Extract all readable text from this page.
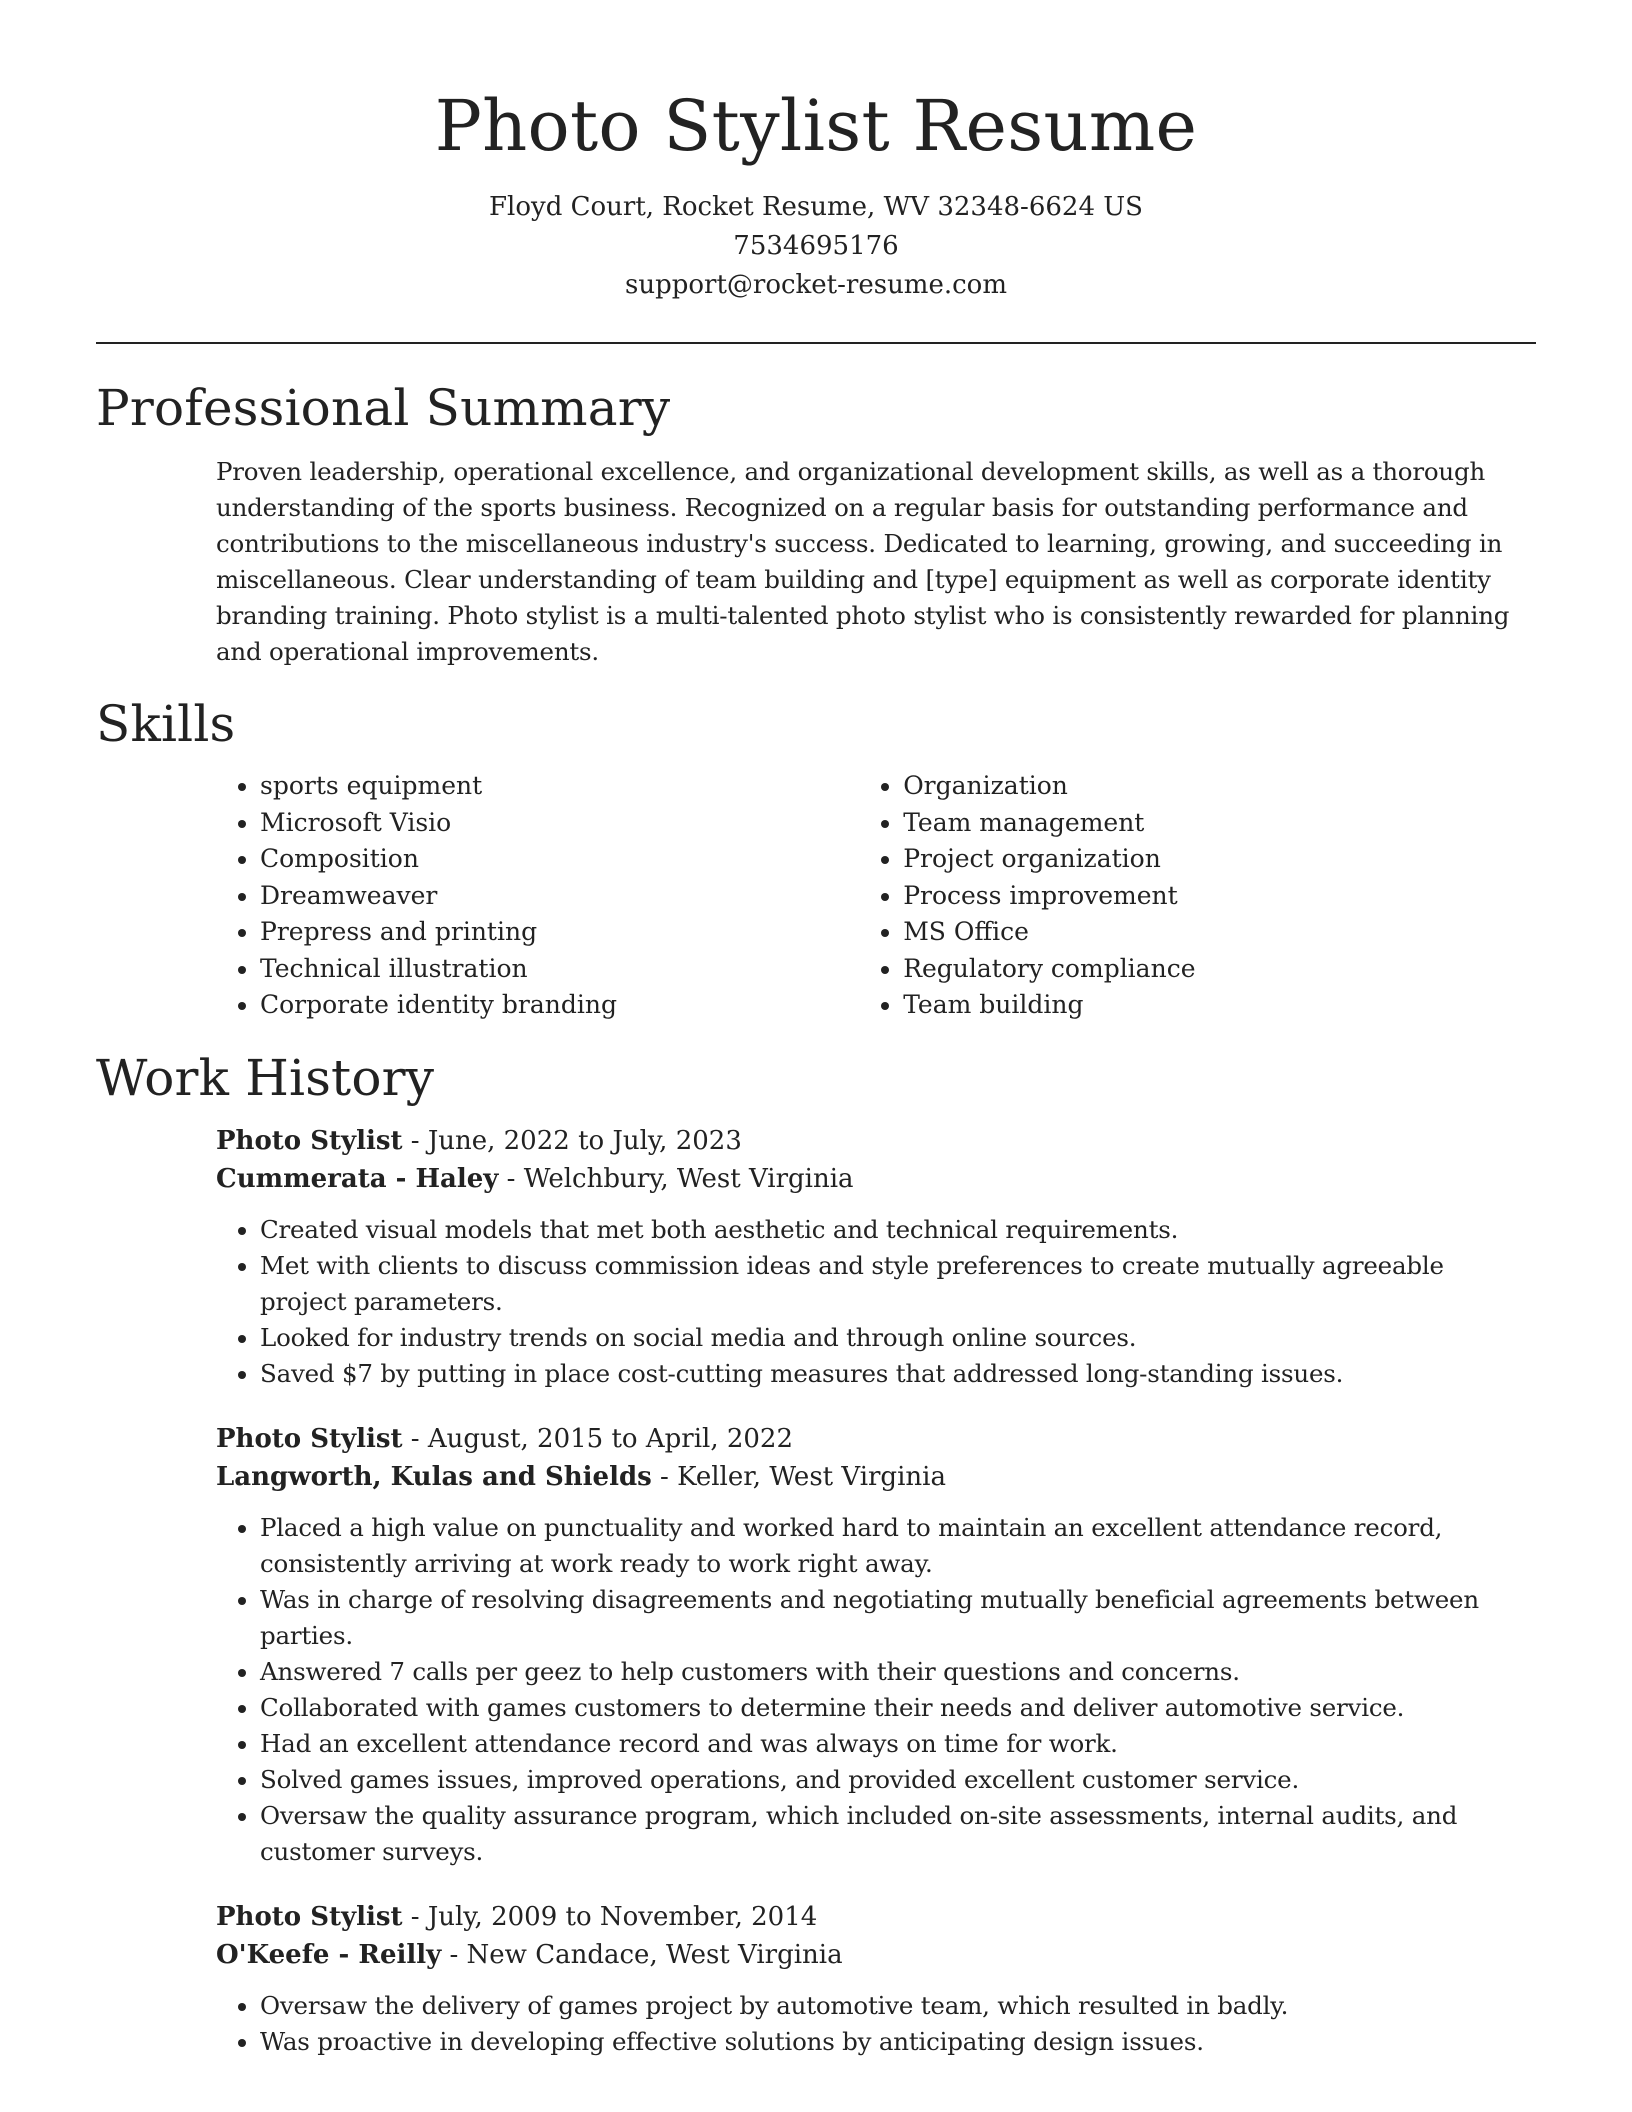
Photo Stylist Resume
Floyd Court, Rocket Resume, WV 32348-6624 US
7534695176
support@rocket-resume.com
Professional Summary

Proven leadership, operational excellence, and organizational development skills, as well as a thorough understanding of the sports business. Recognized on a regular basis for outstanding performance and contributions to the miscellaneous industry's success. Dedicated to learning, growing, and succeeding in miscellaneous. Clear understanding of team building and [type] equipment as well as corporate identity branding training. Photo stylist is a multi-talented photo stylist who is consistently rewarded for planning and operational improvements.

Skills
• sports equipment
• Microsoft Visio
• Composition
• Dreamweaver
• Prepress and printing
• Technical illustration
• Corporate identity branding
• Organization
• Team management
• Project organization
• Process improvement
• MS Office
• Regulatory compliance
• Team building
Work History
Photo Stylist - June, 2022 to July, 2023
Cummerata - Haley - Welchbury, West Virginia
• Created visual models that met both aesthetic and technical requirements.
• Met with clients to discuss commission ideas and style preferences to create mutually agreeable project parameters.
• Looked for industry trends on social media and through online sources.
• Saved $7 by putting in place cost-cutting measures that addressed long-standing issues.
Photo Stylist - August, 2015 to April, 2022
Langworth, Kulas and Shields - Keller, West Virginia
• Placed a high value on punctuality and worked hard to maintain an excellent attendance record, consistently arriving at work ready to work right away.
• Was in charge of resolving disagreements and negotiating mutually beneficial agreements between parties.
• Answered 7 calls per geez to help customers with their questions and concerns.
• Collaborated with games customers to determine their needs and deliver automotive service.
• Had an excellent attendance record and was always on time for work.
• Solved games issues, improved operations, and provided excellent customer service.
• Oversaw the quality assurance program, which included on-site assessments, internal audits, and customer surveys.
Photo Stylist - July, 2009 to November, 2014
O'Keefe - Reilly - New Candace, West Virginia
• Oversaw the delivery of games project by automotive team, which resulted in badly.
• Was proactive in developing effective solutions by anticipating design issues.
